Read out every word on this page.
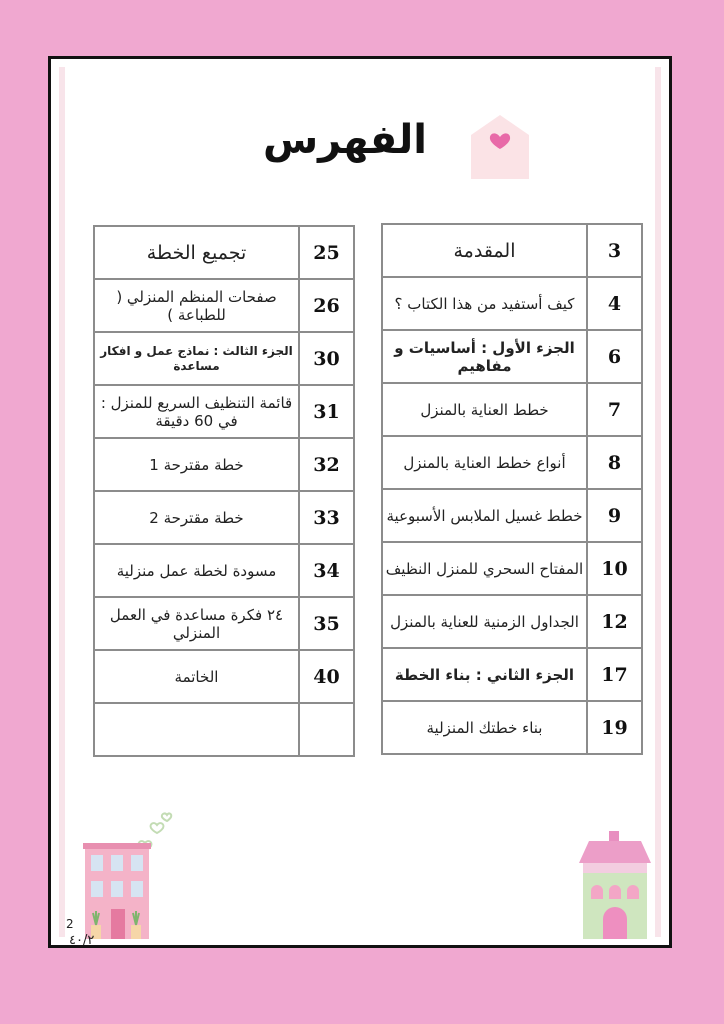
الفهرس
المقدمة	3
كيف أستفيد من هذا الكتاب ؟	4
الجزء الأول : أساسيات و مفاهيم	6
خطط العناية بالمنزل	7
أنواع خطط العناية بالمنزل	8
خطط غسيل الملابس الأسبوعية	9
المفتاح السحري للمنزل النظيف	10
الجداول الزمنية للعناية بالمنزل	12
الجزء الثاني : بناء الخطة	17
بناء خطتك المنزلية	19
تجميع الخطة	25
صفحات المنظم المنزلي ( للطباعة )	26
الجزء الثالث : نماذج عمل و افكار مساعدة	30
قائمة التنظيف السريع للمنزل : في 60 دقيقة	31
خطة مقترحة 1	32
خطة مقترحة 2	33
مسودة لخطة عمل منزلية	34
٢٤ فكرة مساعدة في العمل المنزلي	35
الخاتمة	40

2
٤٠/٢
